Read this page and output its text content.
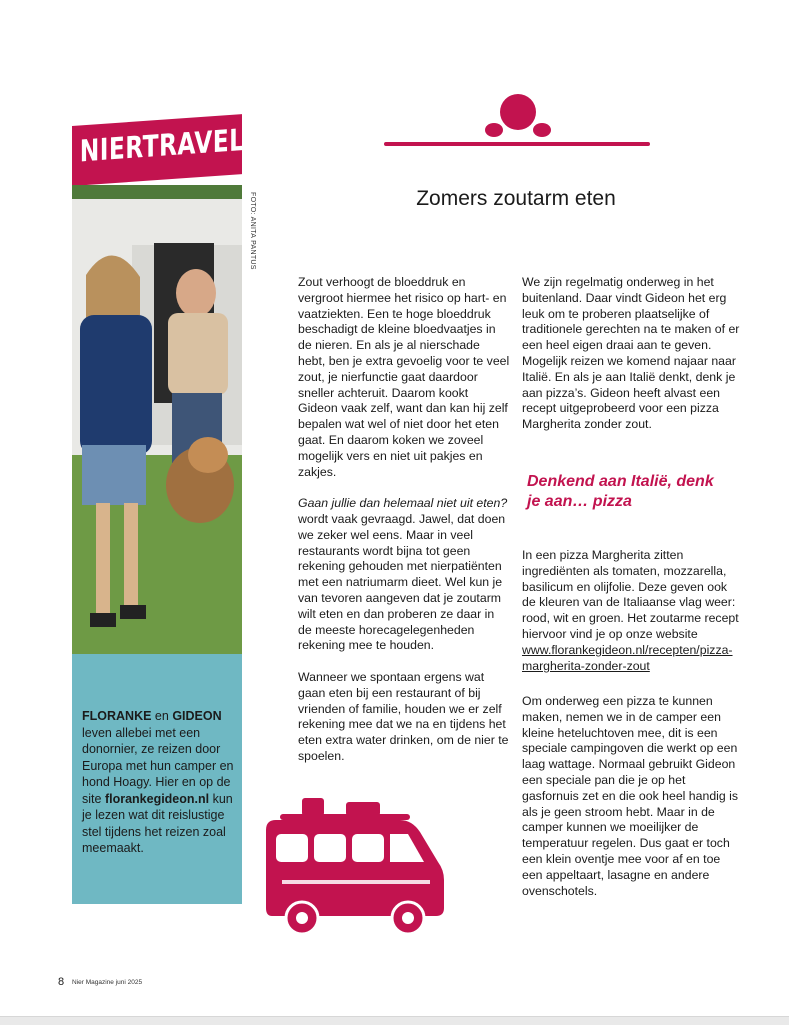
NIERTRAVEL
FOTO: ANITA PANTUS
FLORANKE en GIDEON leven allebei met een donornier, ze reizen door Europa met hun camper en hond Hoagy. Hier en op de site florankegideon.nl kun je lezen wat dit reislustige stel tijdens het reizen zoal meemaakt.
Zomers zoutarm eten

Zout verhoogt de bloeddruk en vergroot hiermee het risico op hart- en vaatziekten. Een te hoge bloeddruk beschadigt de kleine bloedvaatjes in de nieren. En als je al nierschade hebt, ben je extra gevoelig voor te veel zout, je nierfunctie gaat daardoor sneller achteruit. Daarom kookt Gideon vaak zelf, want dan kan hij zelf bepalen wat wel of niet door het eten gaat. En daarom koken we zoveel mogelijk vers en niet uit pakjes en zakjes.

Gaan jullie dan helemaal niet uit eten? wordt vaak gevraagd. Jawel, dat doen we zeker wel eens. Maar in veel restaurants wordt bijna tot geen rekening gehouden met nierpatiënten met een natriumarm dieet. Wel kun je van tevoren aangeven dat je zoutarm wilt eten en dan proberen ze daar in de meeste horecagelegenheden rekening mee te houden.

Wanneer we spontaan ergens wat gaan eten bij een restaurant of bij vrienden of familie, houden we er zelf rekening mee dat we na en tijdens het eten extra water drinken, om de nier te spoelen.

We zijn regelmatig onderweg in het buitenland. Daar vindt Gideon het erg leuk om te proberen plaatselijke of traditionele gerechten na te maken of er een heel eigen draai aan te geven. Mogelijk reizen we komend najaar naar Italië. En als je aan Italië denkt, denk je aan pizza’s. Gideon heeft alvast een recept uitgeprobeerd voor een pizza Margherita zonder zout.

Denkend aan Italië, denk je aan… pizza

In een pizza Margherita zitten ingrediënten als tomaten, mozzarella, basilicum en olijfolie. Deze geven ook de kleuren van de Italiaanse vlag weer: rood, wit en groen. Het zoutarme recept hiervoor vind je op onze website www.florankegideon.nl/recepten/pizza-margherita-zonder-zout

Om onderweg een pizza te kunnen maken, nemen we in de camper een kleine heteluchtoven mee, dit is een speciale campingoven die werkt op een laag wattage. Normaal gebruikt Gideon een speciale pan die je op het gasfornuis zet en die ook heel handig is als je geen stroom hebt. Maar in de camper kunnen we moeilijker de temperatuur regelen. Dus gaat er toch een klein oventje mee voor af en toe een appeltaart, lasagne en andere ovenschotels.

8 Nier Magazine juni 2025
